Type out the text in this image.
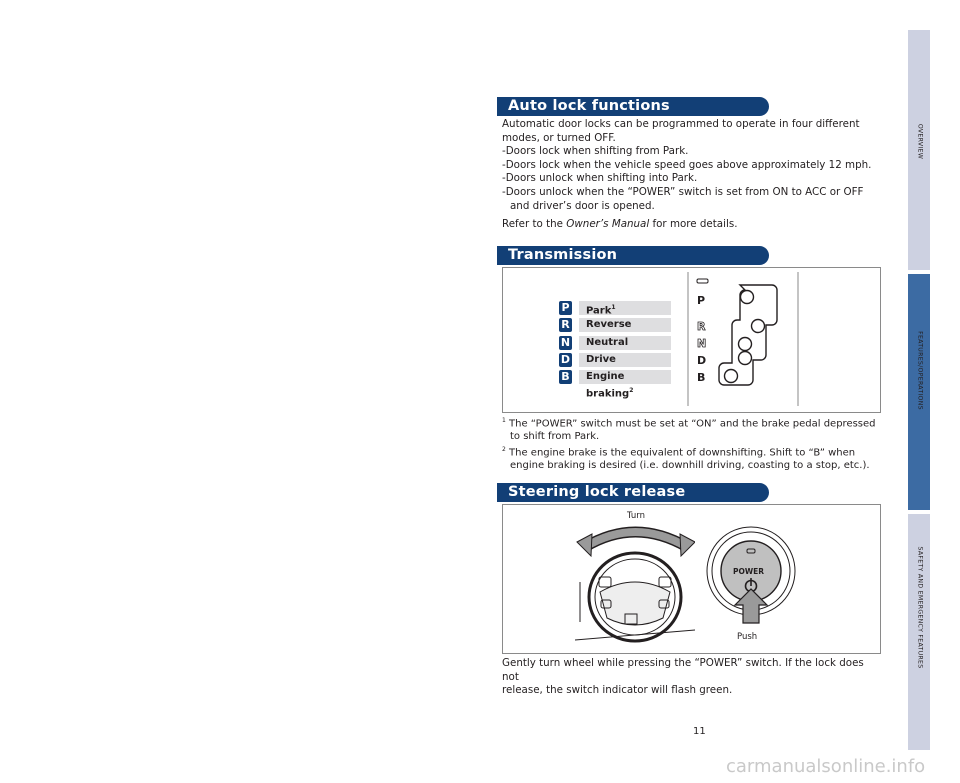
Auto lock functions

Automatic door locks can be programmed to operate in four different

modes, or turned OFF.

-Doors lock when shifting from Park.

-Doors lock when the vehicle speed goes above approximately 12 mph.

-Doors unlock when shifting into Park.

-Doors unlock when the “POWER” switch is set from ON to ACC or OFF

and driver’s door is opened.

Refer to the Owner’s Manual for more details.

Transmission
P	Park$^1$
R	Reverse
N	Neutral
D	Drive
B	Engine braking$^2$
P
R
N
D
B

$^1$ The “POWER” switch must be set at “ON” and the brake pedal depressed

to shift from Park.

$^2$ The engine brake is the equivalent of downshifting. Shift to “B” when

engine braking is desired (i.e. downhill driving, coasting to a stop, etc.).

Steering lock release
Turn
Push
POWER

Gently turn wheel while pressing the “POWER” switch. If the lock does not

release, the switch indicator will flash green.

OVERVIEW
FEATURES/OPERATIONS
SAFETY AND EMERGENCY FEATURES
11
carmanualsonline.info
